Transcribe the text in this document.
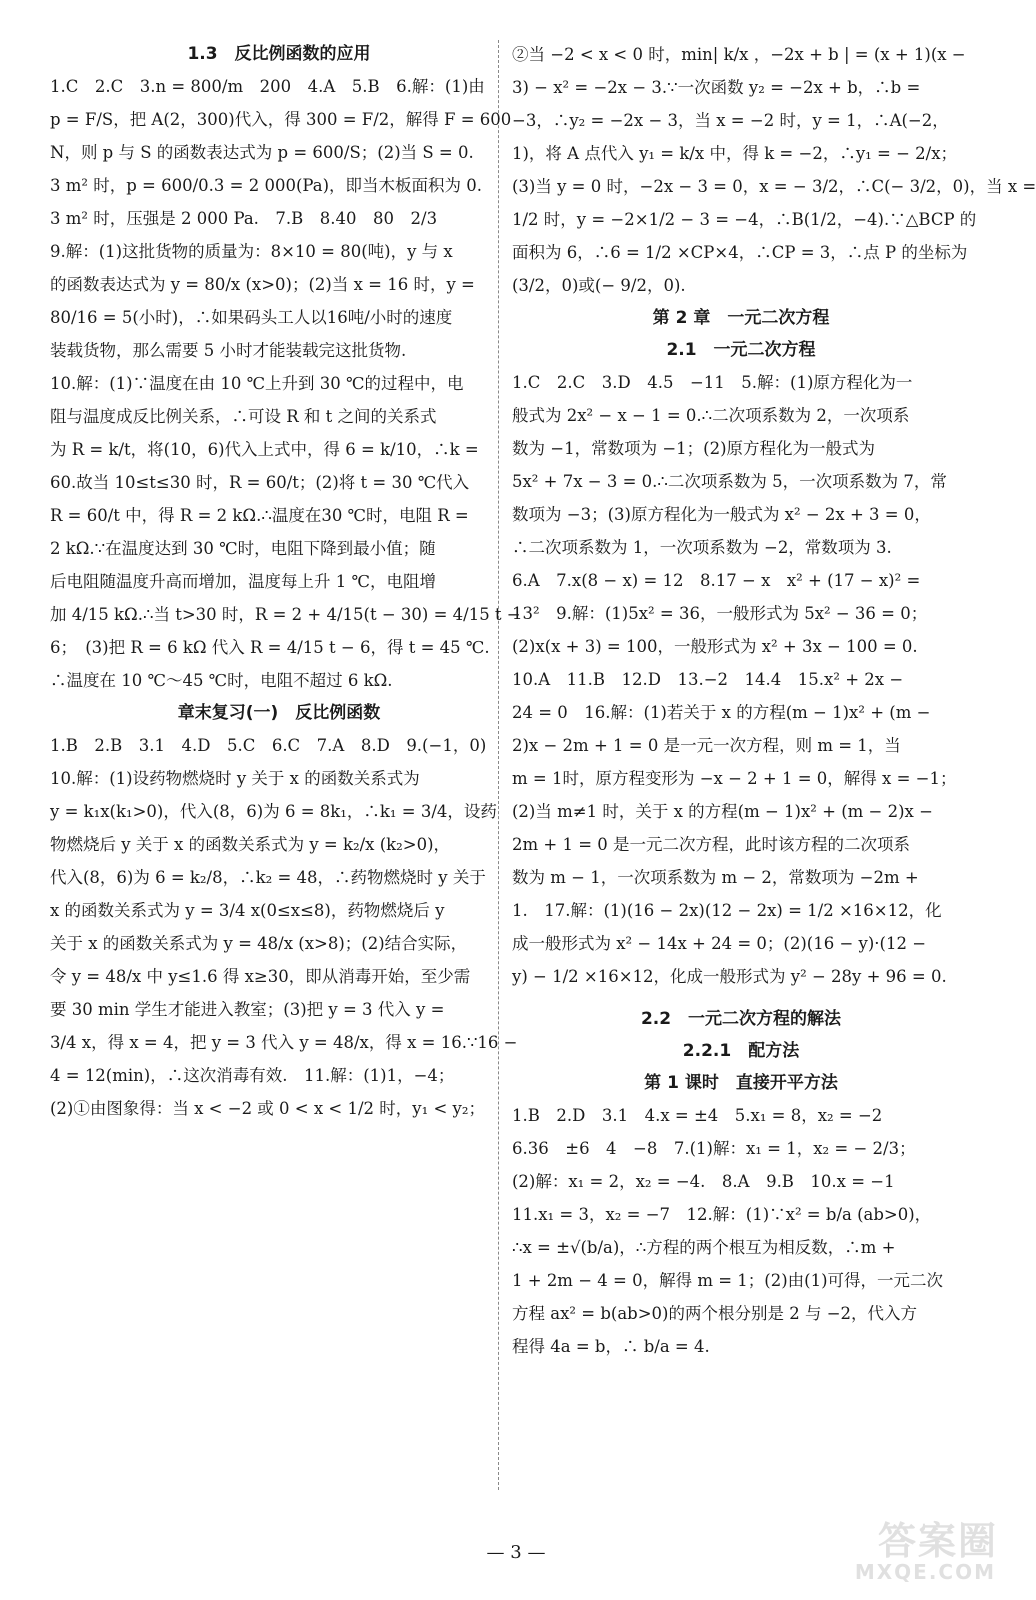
1.3　反比例函数的应用
1.C　2.C　3.n = 800/m　200　4.A　5.B　6.解：(1)由
p = F/S，把 A(2，300)代入，得 300 = F/2，解得 F = 600
N，则 p 与 S 的函数表达式为 p = 600/S；(2)当 S = 0.
3 m² 时，p = 600/0.3 = 2 000(Pa)，即当木板面积为 0.
3 m² 时，压强是 2 000 Pa.　7.B　8.40　80　2/3
9.解：(1)这批货物的质量为：8×10 = 80(吨)，y 与 x
的函数表达式为 y = 80/x (x>0)；(2)当 x = 16 时，y =
80/16 = 5(小时)，∴如果码头工人以16吨/小时的速度
装载货物，那么需要 5 小时才能装载完这批货物.
10.解：(1)∵温度在由 10 ℃上升到 30 ℃的过程中，电
阻与温度成反比例关系，∴可设 R 和 t 之间的关系式
为 R = k/t，将(10，6)代入上式中，得 6 = k/10，∴k =
60.故当 10≤t≤30 时，R = 60/t；(2)将 t = 30 ℃代入
R = 60/t 中，得 R = 2 kΩ.∴温度在30 ℃时，电阻 R =
2 kΩ.∵在温度达到 30 ℃时，电阻下降到最小值；随
后电阻随温度升高而增加，温度每上升 1 ℃，电阻增
加 4/15 kΩ.∴当 t>30 时，R = 2 + 4/15(t − 30) = 4/15 t −
6；　(3)把 R = 6 kΩ 代入 R = 4/15 t − 6，得 t = 45 ℃.
∴温度在 10 ℃～45 ℃时，电阻不超过 6 kΩ.
章末复习(一)　反比例函数
1.B　2.B　3.1　4.D　5.C　6.C　7.A　8.D　9.(−1，0)
10.解：(1)设药物燃烧时 y 关于 x 的函数关系式为
y = k₁x(k₁>0)，代入(8，6)为 6 = 8k₁，∴k₁ = 3/4，设药
物燃烧后 y 关于 x 的函数关系式为 y = k₂/x (k₂>0)，
代入(8，6)为 6 = k₂/8，∴k₂ = 48，∴药物燃烧时 y 关于
x 的函数关系式为 y = 3/4 x(0≤x≤8)，药物燃烧后 y
关于 x 的函数关系式为 y = 48/x (x>8)；(2)结合实际，
令 y = 48/x 中 y≤1.6 得 x≥30，即从消毒开始，至少需
要 30 min 学生才能进入教室；(3)把 y = 3 代入 y =
3/4 x，得 x = 4，把 y = 3 代入 y = 48/x，得 x = 16.∵16 −
4 = 12(min)，∴这次消毒有效.　11.解：(1)1，−4；
(2)①由图象得：当 x < −2 或 0 < x < 1/2 时，y₁ < y₂；
②当 −2 < x < 0 时，min| k/x ，−2x + b | = (x + 1)(x −
3) − x² = −2x − 3.∵一次函数 y₂ = −2x + b，∴b =
−3，∴y₂ = −2x − 3，当 x = −2 时，y = 1，∴A(−2，
1)，将 A 点代入 y₁ = k/x 中，得 k = −2，∴y₁ = − 2/x；
(3)当 y = 0 时，−2x − 3 = 0，x = − 3/2，∴C(− 3/2，0)，当 x =
1/2 时，y = −2×1/2 − 3 = −4，∴B(1/2，−4).∵△BCP 的
面积为 6，∴6 = 1/2 ×CP×4，∴CP = 3，∴点 P 的坐标为
(3/2，0)或(− 9/2，0).
第 2 章　一元二次方程
2.1　一元二次方程
1.C　2.C　3.D　4.5　−11　5.解：(1)原方程化为一
般式为 2x² − x − 1 = 0.∴二次项系数为 2，一次项系
数为 −1，常数项为 −1；(2)原方程化为一般式为
5x² + 7x − 3 = 0.∴二次项系数为 5，一次项系数为 7，常
数项为 −3；(3)原方程化为一般式为 x² − 2x + 3 = 0，
∴二次项系数为 1，一次项系数为 −2，常数项为 3.
6.A　7.x(8 − x) = 12　8.17 − x　x² + (17 − x)² =
13²　9.解：(1)5x² = 36，一般形式为 5x² − 36 = 0；
(2)x(x + 3) = 100，一般形式为 x² + 3x − 100 = 0.
10.A　11.B　12.D　13.−2　14.4　15.x² + 2x −
24 = 0　16.解：(1)若关于 x 的方程(m − 1)x² + (m −
2)x − 2m + 1 = 0 是一元一次方程，则 m = 1，当
m = 1时，原方程变形为 −x − 2 + 1 = 0，解得 x = −1；
(2)当 m≠1 时，关于 x 的方程(m − 1)x² + (m − 2)x −
2m + 1 = 0 是一元二次方程，此时该方程的二次项系
数为 m − 1，一次项系数为 m − 2，常数项为 −2m +
1.　17.解：(1)(16 − 2x)(12 − 2x) = 1/2 ×16×12，化
成一般形式为 x² − 14x + 24 = 0；(2)(16 − y)·(12 −
y) − 1/2 ×16×12，化成一般形式为 y² − 28y + 96 = 0.
2.2　一元二次方程的解法
2.2.1　配方法
第 1 课时　直接开平方法
1.B　2.D　3.1　4.x = ±4　5.x₁ = 8，x₂ = −2
6.36　±6　4　−8　7.(1)解：x₁ = 1，x₂ = − 2/3；
(2)解：x₁ = 2，x₂ = −4.　8.A　9.B　10.x = −1
11.x₁ = 3，x₂ = −7　12.解：(1)∵x² = b/a (ab>0)，
∴x = ±√(b/a)，∴方程的两个根互为相反数，∴m +
1 + 2m − 4 = 0，解得 m = 1；(2)由(1)可得，一元二次
方程 ax² = b(ab>0)的两个根分别是 2 与 −2，代入方
程得 4a = b，∴ b/a = 4.
— 3 —	答案圈
MXQE.COM
